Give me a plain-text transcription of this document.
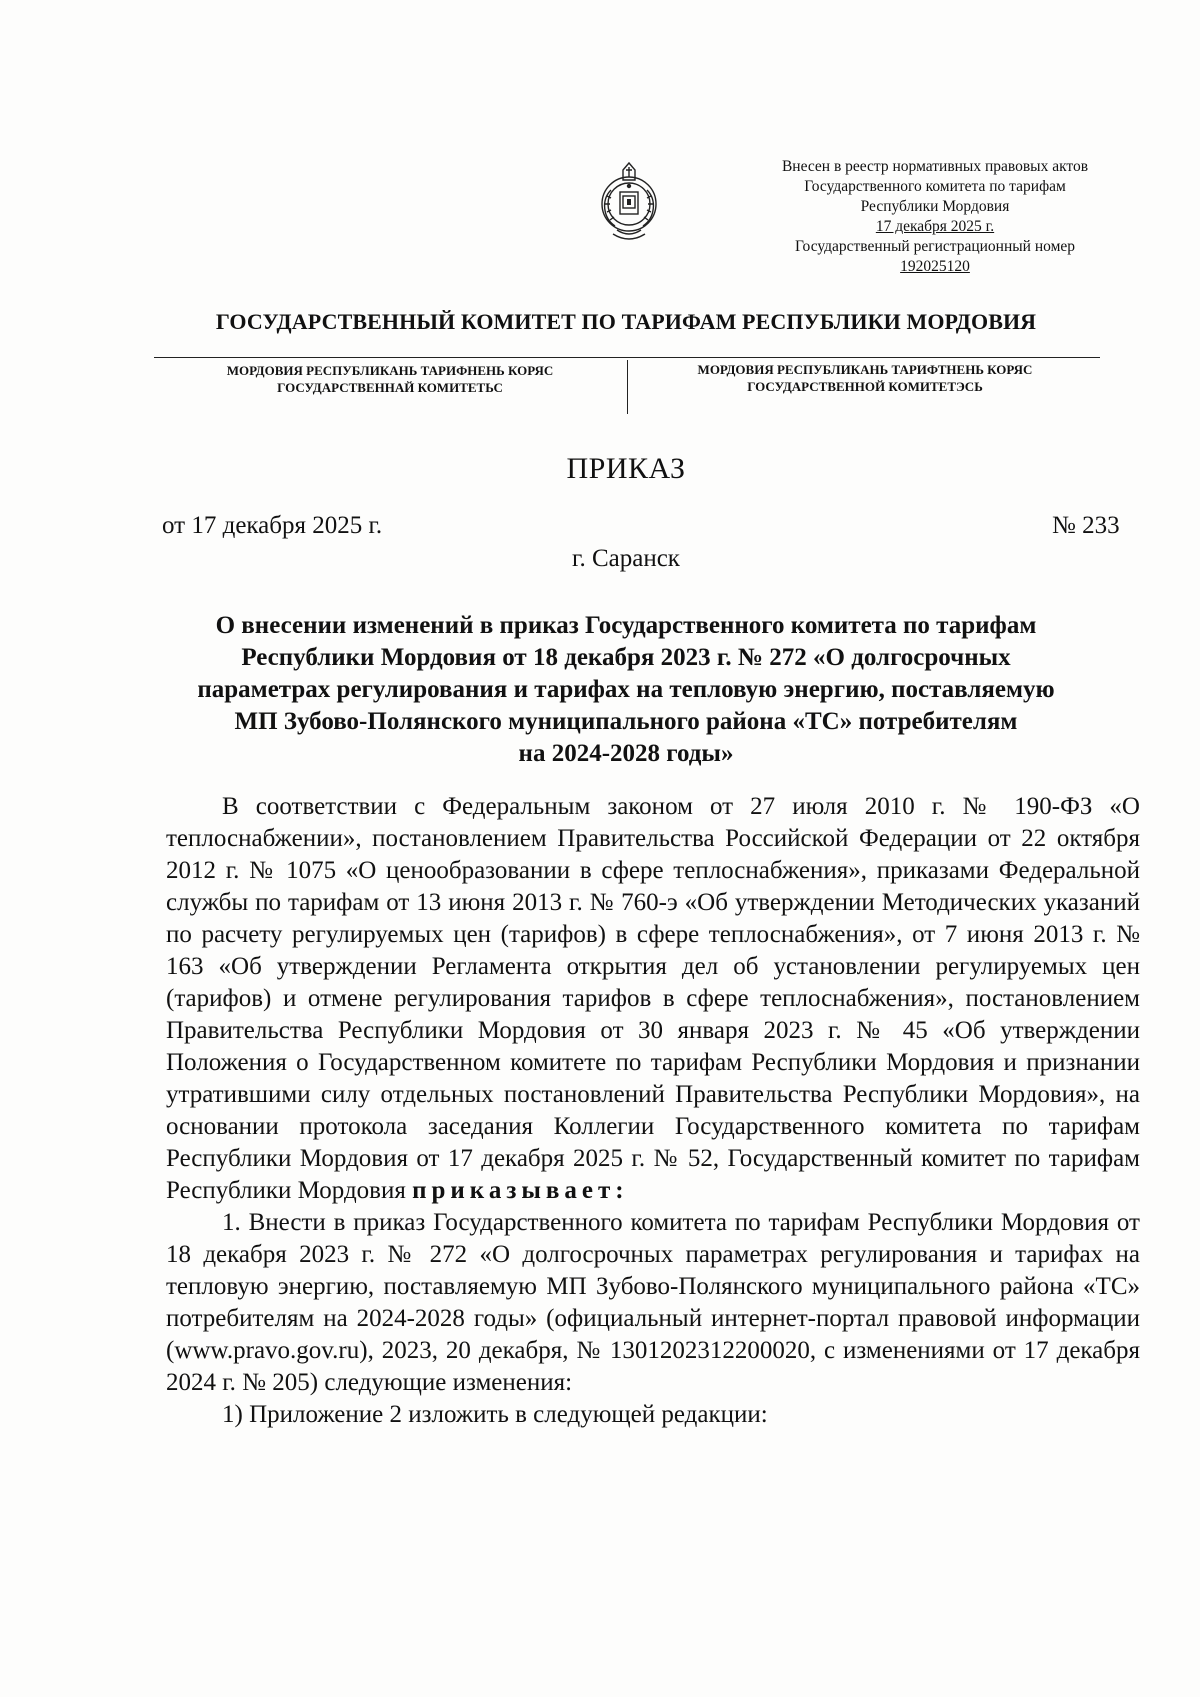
Внесен в реестр нормативных правовых актов
Государственного комитета по тарифам
Республики Мордовия
17 декабря 2025 г.
Государственный регистрационный номер
192025120
ГОСУДАРСТВЕННЫЙ КОМИТЕТ ПО ТАРИФАМ РЕСПУБЛИКИ МОРДОВИЯ
МОРДОВИЯ РЕСПУБЛИКАНЬ ТАРИФНЕНЬ КОРЯС
ГОСУДАРСТВЕННАЙ КОМИТЕТЬС
МОРДОВИЯ РЕСПУБЛИКАНЬ ТАРИФТНЕНЬ КОРЯС
ГОСУДАРСТВЕННОЙ КОМИТЕТЭСЬ
ПРИКАЗ
от 17 декабря 2025 г.	№ 233
г. Саранск
О внесении изменений в приказ Государственного комитета по тарифам
Республики Мордовия от 18 декабря 2023 г. № 272 «О долгосрочных
параметрах регулирования и тарифах на тепловую энергию, поставляемую
МП Зубово-Полянского муниципального района «ТС» потребителям
на 2024-2028 годы»

В соответствии с Федеральным законом от 27 июля 2010 г. № 190-ФЗ «О теплоснабжении», постановлением Правительства Российской Федерации от 22 октября 2012 г. № 1075 «О ценообразовании в сфере теплоснабжения», приказами Федеральной службы по тарифам от 13 июня 2013 г. № 760-э «Об утверждении Методических указаний по расчету регулируемых цен (тарифов) в сфере теплоснабжения», от 7 июня 2013 г. № 163 «Об утверждении Регламента открытия дел об установлении регулируемых цен (тарифов) и отмене регулирования тарифов в сфере теплоснабжения», постановлением Правительства Республики Мордовия от 30 января 2023 г. № 45 «Об утверждении Положения о Государственном комитете по тарифам Республики Мордовия и признании утратившими силу отдельных постановлений Правительства Республики Мордовия», на основании протокола заседания Коллегии Государственного комитета по тарифам Республики Мордовия от 17 декабря 2025 г. № 52, Государственный комитет по тарифам Республики Мордовия приказывает:

1. Внести в приказ Государственного комитета по тарифам Республики Мордовия от 18 декабря 2023 г. № 272 «О долгосрочных параметрах регулирования и тарифах на тепловую энергию, поставляемую МП Зубово-Полянского муниципального района «ТС» потребителям на 2024-2028 годы» (официальный интернет-портал правовой информации (www.pravo.gov.ru), 2023, 20 декабря, № 1301202312200020, с изменениями от 17 декабря 2024 г. № 205) следующие изменения:

1) Приложение 2 изложить в следующей редакции:
